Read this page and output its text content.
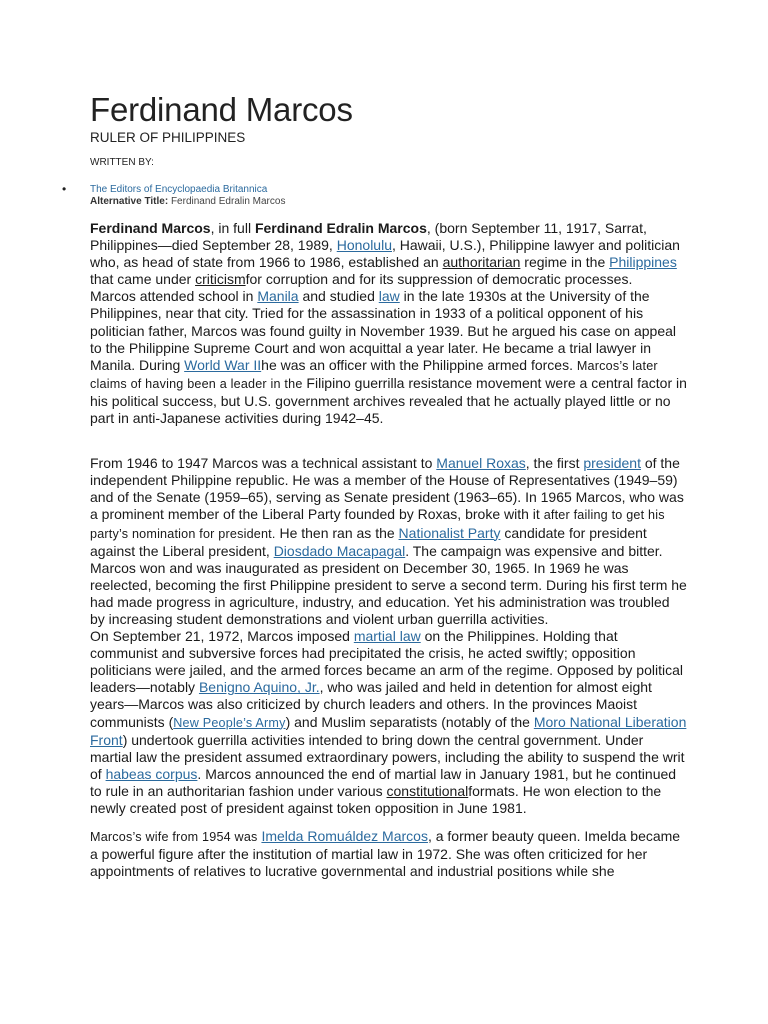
Ferdinand Marcos
RULER OF PHILIPPINES
WRITTEN BY:
• The Editors of Encyclopaedia Britannica
Alternative Title: Ferdinand Edralin Marcos

Ferdinand Marcos, in full Ferdinand Edralin Marcos, (born September 11, 1917, Sarrat, Philippines—died September 28, 1989, Honolulu, Hawaii, U.S.), Philippine lawyer and politician who, as head of state from 1966 to 1986, established an authoritarian regime in the Philippines that came under criticismfor corruption and for its suppression of democratic processes.

Marcos attended school in Manila and studied law in the late 1930s at the University of the Philippines, near that city. Tried for the assassination in 1933 of a political opponent of his politician father, Marcos was found guilty in November 1939. But he argued his case on appeal to the Philippine Supreme Court and won acquittal a year later. He became a trial lawyer in Manila. During World War IIhe was an officer with the Philippine armed forces. Marcos’s later claims of having been a leader in the Filipino guerrilla resistance movement were a central factor in his political success, but U.S. government archives revealed that he actually played little or no part in anti-Japanese activities during 1942–45.

From 1946 to 1947 Marcos was a technical assistant to Manuel Roxas, the first president of the independent Philippine republic. He was a member of the House of Representatives (1949–59) and of the Senate (1959–65), serving as Senate president (1963–65). In 1965 Marcos, who was a prominent member of the Liberal Party founded by Roxas, broke with it after failing to get his party’s nomination for president. He then ran as the Nationalist Party candidate for president against the Liberal president, Diosdado Macapagal. The campaign was expensive and bitter. Marcos won and was inaugurated as president on December 30, 1965. In 1969 he was reelected, becoming the first Philippine president to serve a second term. During his first term he had made progress in agriculture, industry, and education. Yet his administration was troubled by increasing student demonstrations and violent urban guerrilla activities.

On September 21, 1972, Marcos imposed martial law on the Philippines. Holding that communist and subversive forces had precipitated the crisis, he acted swiftly; opposition politicians were jailed, and the armed forces became an arm of the regime. Opposed by political leaders—notably Benigno Aquino, Jr., who was jailed and held in detention for almost eight years—Marcos was also criticized by church leaders and others. In the provinces Maoist communists (New People’s Army) and Muslim separatists (notably of the Moro National Liberation Front) undertook guerrilla activities intended to bring down the central government. Under martial law the president assumed extraordinary powers, including the ability to suspend the writ of habeas corpus. Marcos announced the end of martial law in January 1981, but he continued to rule in an authoritarian fashion under various constitutionalformats. He won election to the newly created post of president against token opposition in June 1981.

Marcos’s wife from 1954 was Imelda Romuáldez Marcos, a former beauty queen. Imelda became a powerful figure after the institution of martial law in 1972. She was often criticized for her appointments of relatives to lucrative governmental and industrial positions while she
